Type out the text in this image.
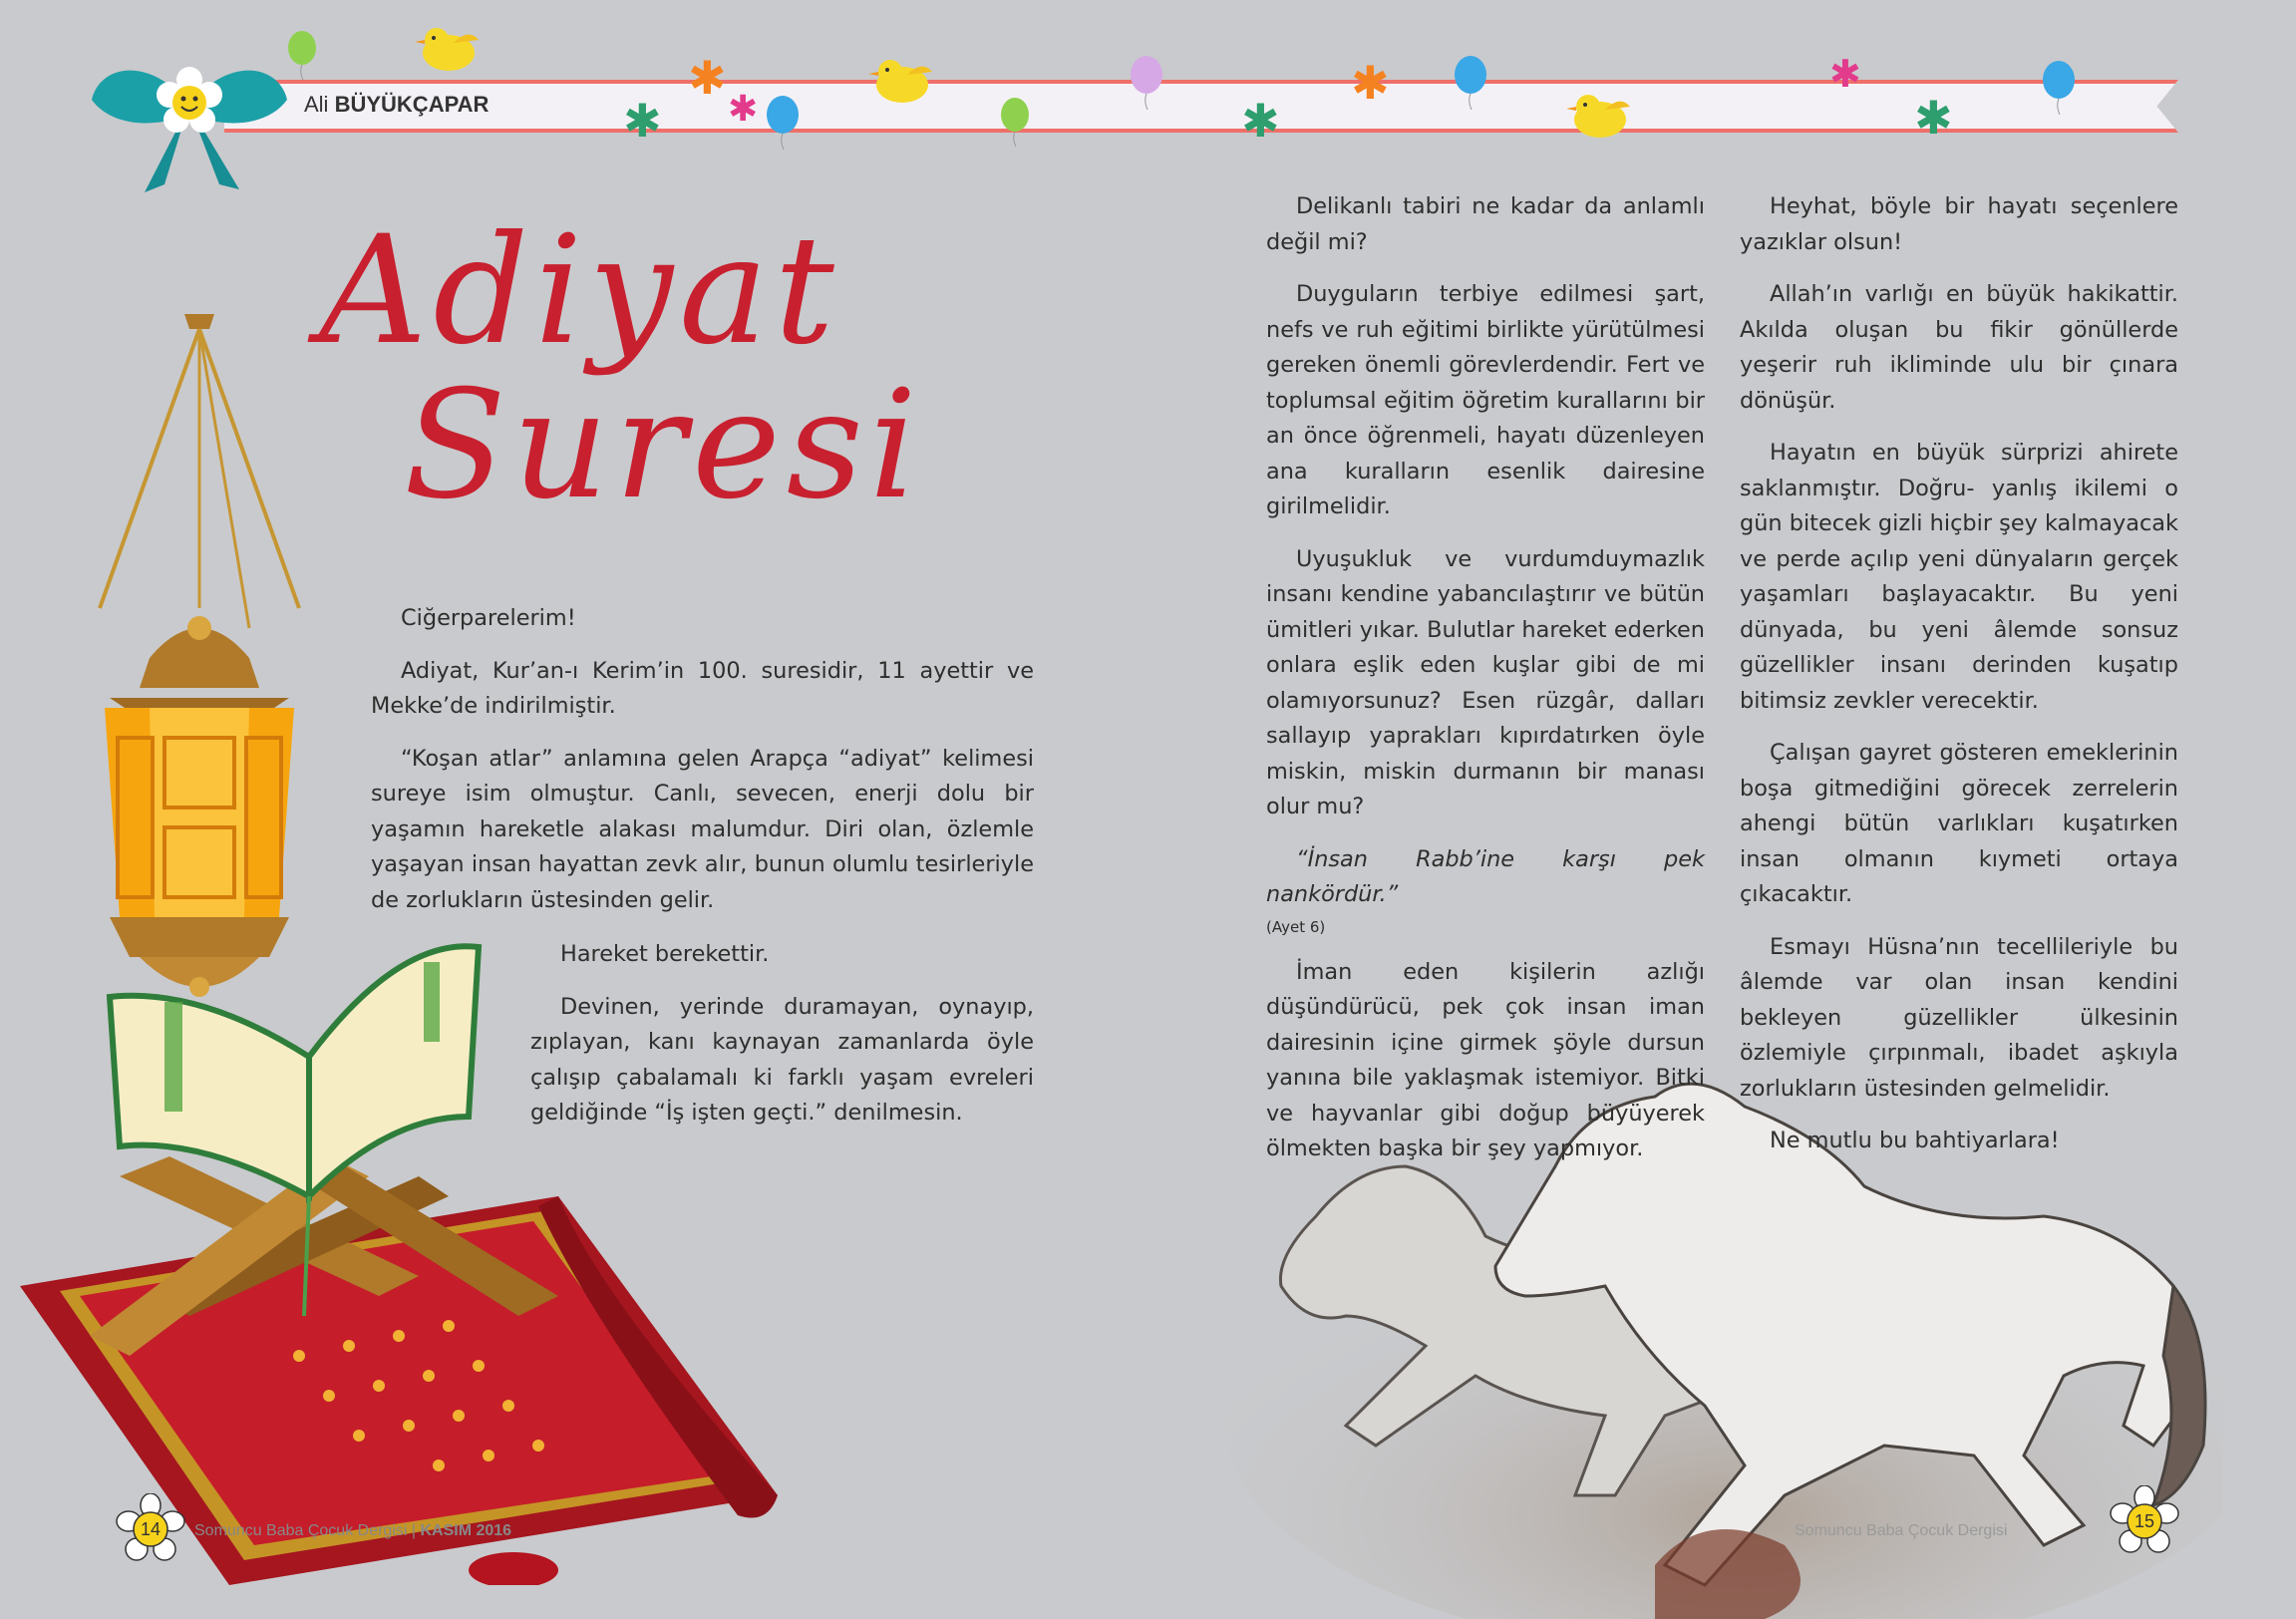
Ali BÜYÜKÇAPAR	✱
✱ ✱	✱
✱	✱
✱
Adiyat
Suresi

Ciğerparelerim!

Adiyat, Kur’an-ı Kerim’in 100. suresidir, 11 ayettir ve Mekke’de indirilmiştir.

“Koşan atlar” anlamına gelen Arapça “adiyat” kelimesi sureye isim olmuştur. Canlı, sevecen, enerji dolu bir yaşamın hareketle alakası malumdur. Diri olan, özlemle yaşayan insan hayattan zevk alır, bunun olumlu tesirleriyle de zorlukların üstesinden gelir.

Hareket berekettir.

Devinen, yerinde duramayan, oynayıp, zıplayan, kanı kaynayan zamanlarda öyle çalışıp çabalamalı ki farklı yaşam evreleri geldiğinde “İş işten geçti.” denilmesin.

Delikanlı tabiri ne kadar da anlamlı değil mi?

Duyguların terbiye edilmesi şart, nefs ve ruh eğitimi birlikte yürütülmesi gereken önemli görevlerdendir. Fert ve toplumsal eğitim öğretim kurallarını bir an önce öğrenmeli, hayatı düzenleyen ana kuralların esenlik dairesine girilmelidir.

Uyuşukluk ve vurdumduymazlık insanı kendine yabancılaştırır ve bütün ümitleri yıkar. Bulutlar hareket ederken onlara eşlik eden kuşlar gibi de mi olamıyorsunuz? Esen rüzgâr, dalları sallayıp yaprakları kıpırdatırken öyle miskin, miskin durmanın bir manası olur mu?

“İnsan Rabb’ine karşı pek nankördür.”

(Ayet 6)

İman eden kişilerin azlığı düşündürücü, pek çok insan iman dairesinin içine girmek şöyle dursun yanına bile yaklaşmak istemiyor. Bitki ve hayvanlar gibi doğup büyüyerek ölmekten başka bir şey yapmıyor.

Heyhat, böyle bir hayatı seçenlere yazıklar olsun!

Allah’ın varlığı en büyük hakikattir. Akılda oluşan bu fikir gönüllerde yeşerir ruh ikliminde ulu bir çınara dönüşür.

Hayatın en büyük sürprizi ahirete saklanmıştır. Doğru- yanlış ikilemi o gün bitecek gizli hiçbir şey kalmayacak ve perde açılıp yeni dünyaların gerçek yaşamları başlayacaktır. Bu yeni dünyada, bu yeni âlemde sonsuz güzellikler insanı derinden kuşatıp bitimsiz zevkler verecektir.

Çalışan gayret gösteren emeklerinin boşa gitmediğini görecek zerrelerin ahengi bütün varlıkları kuşatırken insan olmanın kıymeti ortaya çıkacaktır.

Esmayı Hüsna’nın tecellileriyle bu âlemde var olan insan kendini bekleyen güzellikler ülkesinin özlemiyle çırpınmalı, ibadet aşkıyla zorlukların üstesinden gelmelidir.

Ne mutlu bu bahtiyarlara!

14	Somuncu Baba Çocuk Dergisi | KASIM 2016	Somuncu Baba Çocuk Dergisi	15
